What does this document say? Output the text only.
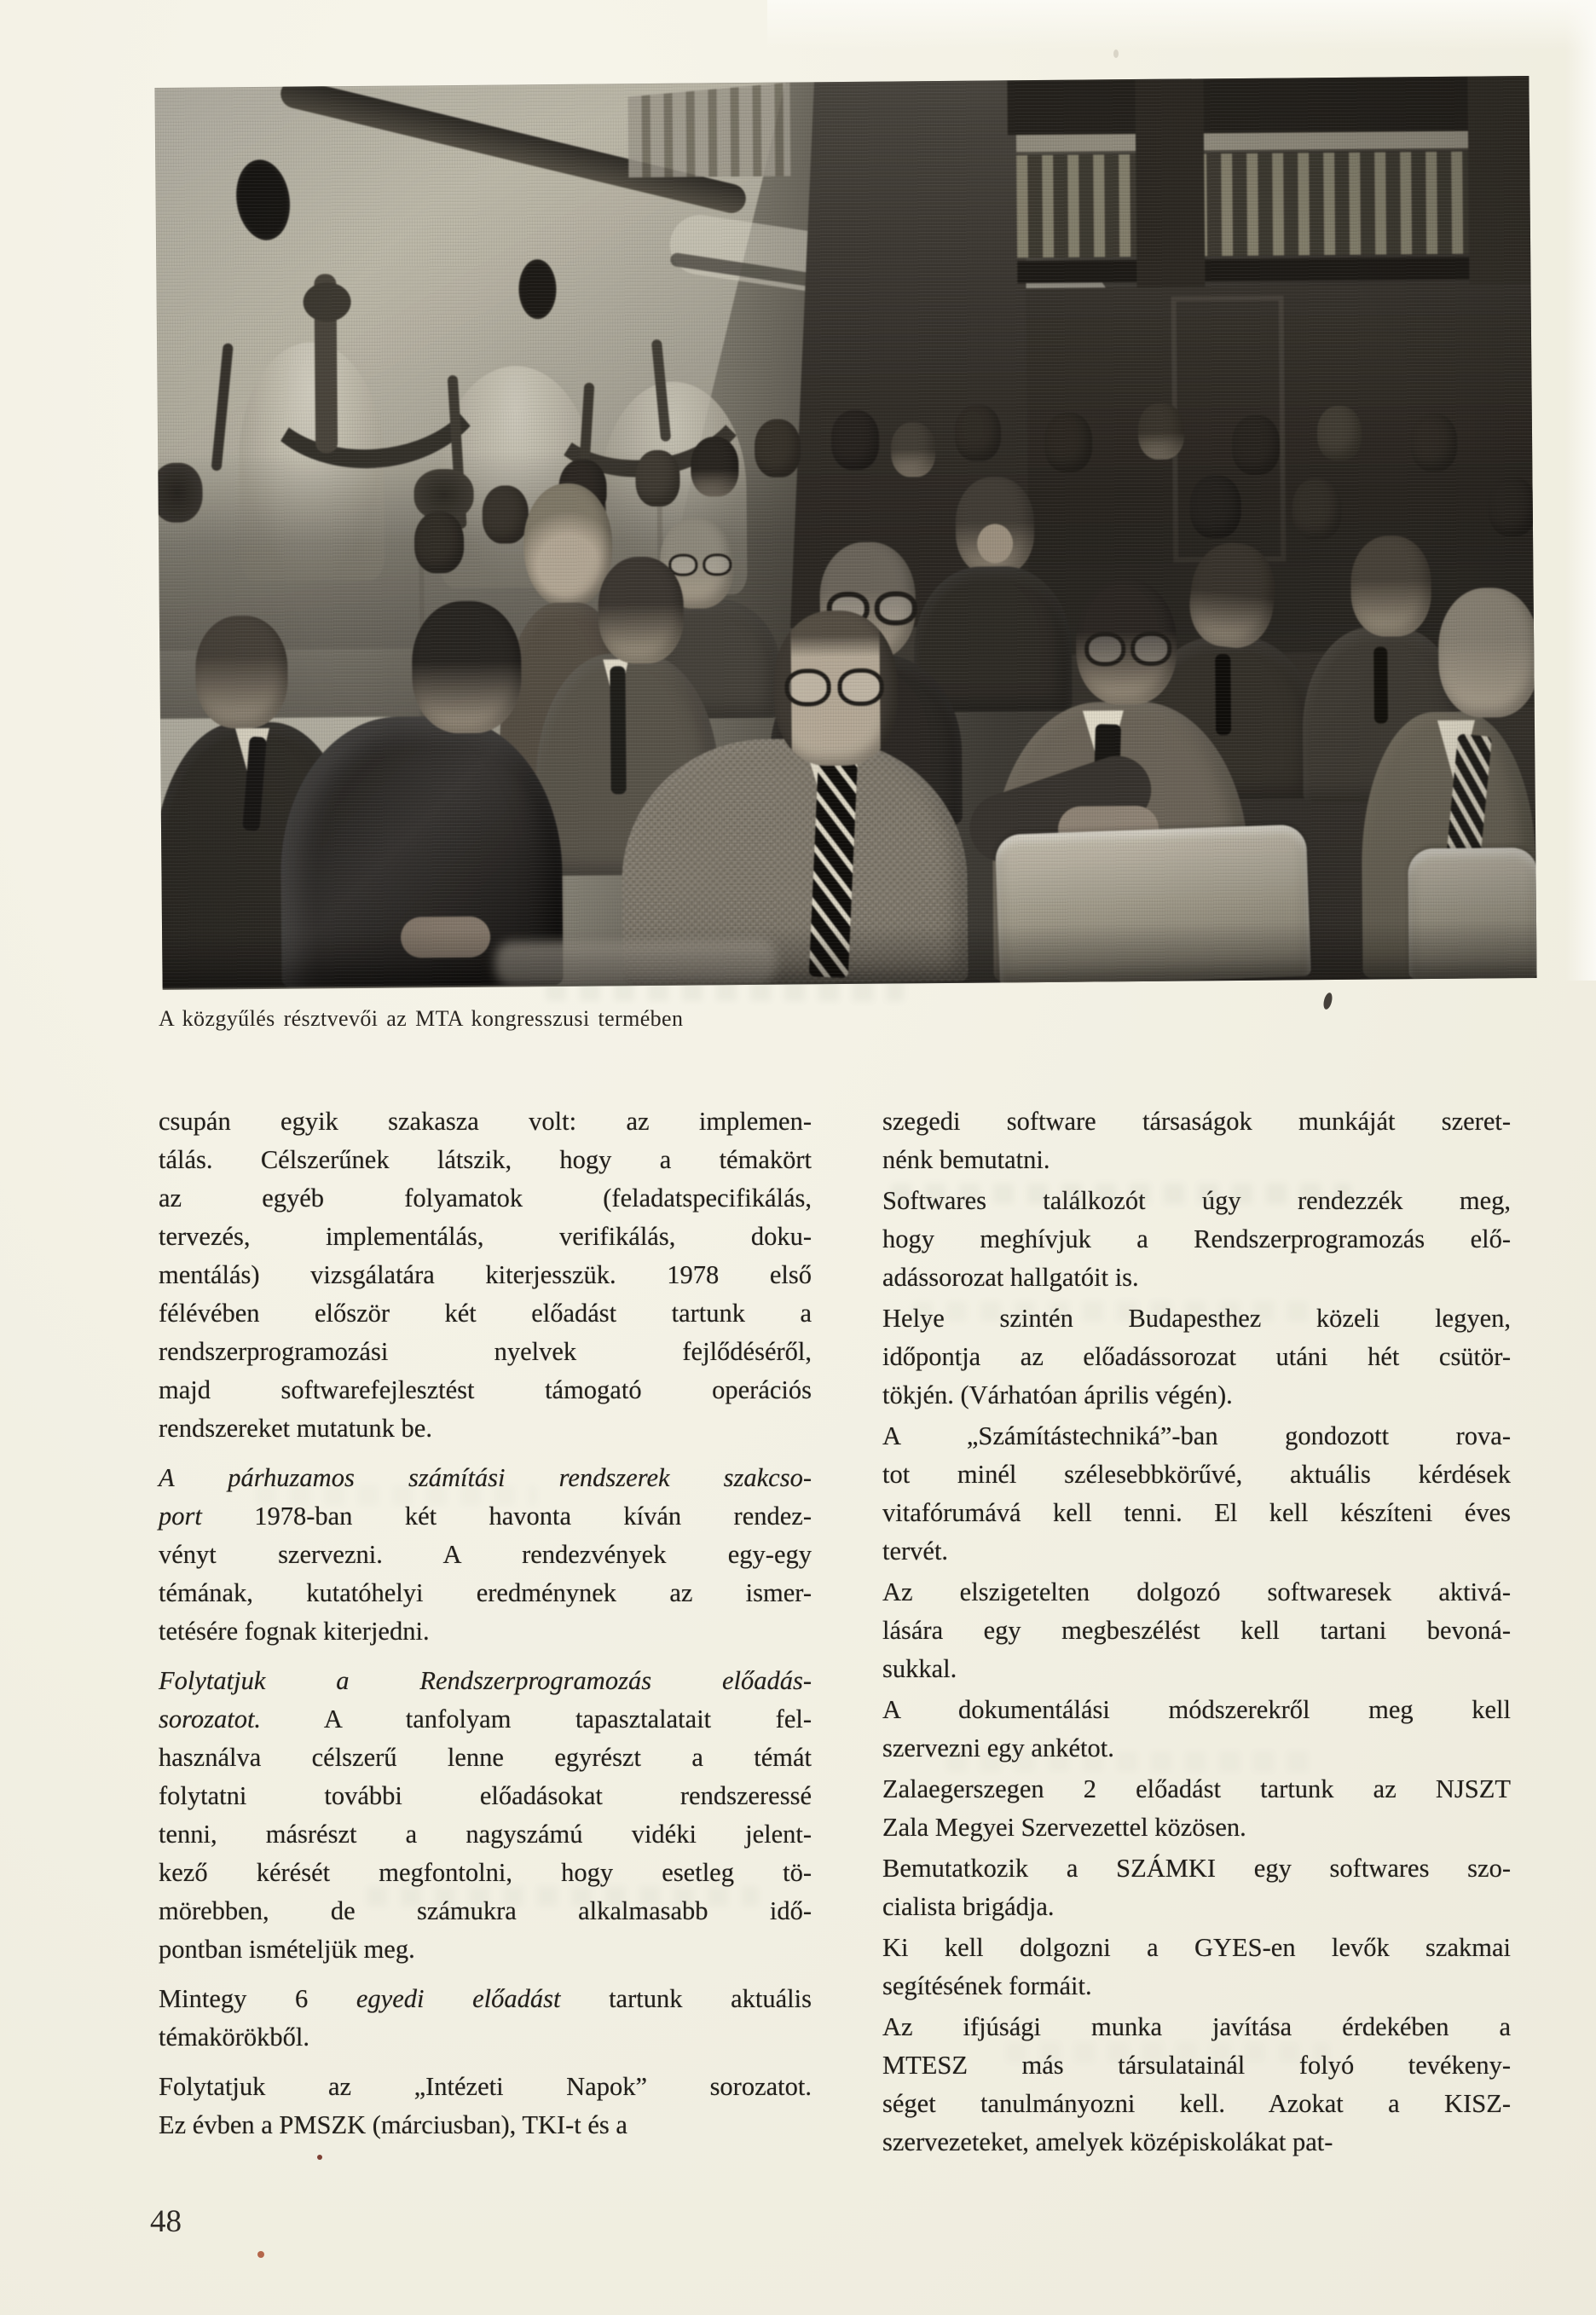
A közgyűlés résztvevői az MTA kongresszusi termében
csupán egyik szakasza volt: az implemen-
tálás. Célszerűnek látszik, hogy a témakört
az egyéb folyamatok (feladatspecifikálás,
tervezés, implementálás, verifikálás, doku-
mentálás) vizsgálatára kiterjesszük. 1978 első
félévében először két előadást tartunk a
rendszerprogramozási nyelvek fejlődéséről,
majd softwarefejlesztést támogató operációs
rendszereket mutatunk be.
A párhuzamos számítási rendszerek szakcso-
port 1978-ban két havonta kíván rendez-
vényt szervezni. A rendezvények egy-egy
témának, kutatóhelyi eredménynek az ismer-
tetésére fognak kiterjedni.
Folytatjuk a Rendszerprogramozás előadás-
sorozatot. A tanfolyam tapasztalatait fel-
használva célszerű lenne egyrészt a témát
folytatni további előadásokat rendszeressé
tenni, másrészt a nagyszámú vidéki jelent-
kező kérését megfontolni, hogy esetleg tö-
mörebben, de számukra alkalmasabb idő-
pontban ismételjük meg.
Mintegy 6 egyedi előadást tartunk aktuális
témakörökből.
Folytatjuk az „Intézeti Napok” sorozatot.
Ez évben a PMSZK (márciusban), TKI-t és a
szegedi software társaságok munkáját szeret-
nénk bemutatni.
Softwares találkozót úgy rendezzék meg,
hogy meghívjuk a Rendszerprogramozás elő-
adássorozat hallgatóit is.
Helye szintén Budapesthez közeli legyen,
időpontja az előadássorozat utáni hét csütör-
tökjén. (Várhatóan április végén).
A „Számítástechniká”-ban gondozott rova-
tot minél szélesebbkörűvé, aktuális kérdések
vitafórumává kell tenni. El kell készíteni éves
tervét.
Az elszigetelten dolgozó softwaresek aktivá-
lására egy megbeszélést kell tartani bevoná-
sukkal.
A dokumentálási módszerekről meg kell
szervezni egy ankétot.
Zalaegerszegen 2 előadást tartunk az NJSZT
Zala Megyei Szervezettel közösen.
Bemutatkozik a SZÁMKI egy softwares szo-
cialista brigádja.
Ki kell dolgozni a GYES-en levők szakmai
segítésének formáit.
Az ifjúsági munka javítása érdekében a
MTESZ más társulatainál folyó tevékeny-
séget tanulmányozni kell. Azokat a KISZ-
szervezeteket, amelyek középiskolákat pat-
48
